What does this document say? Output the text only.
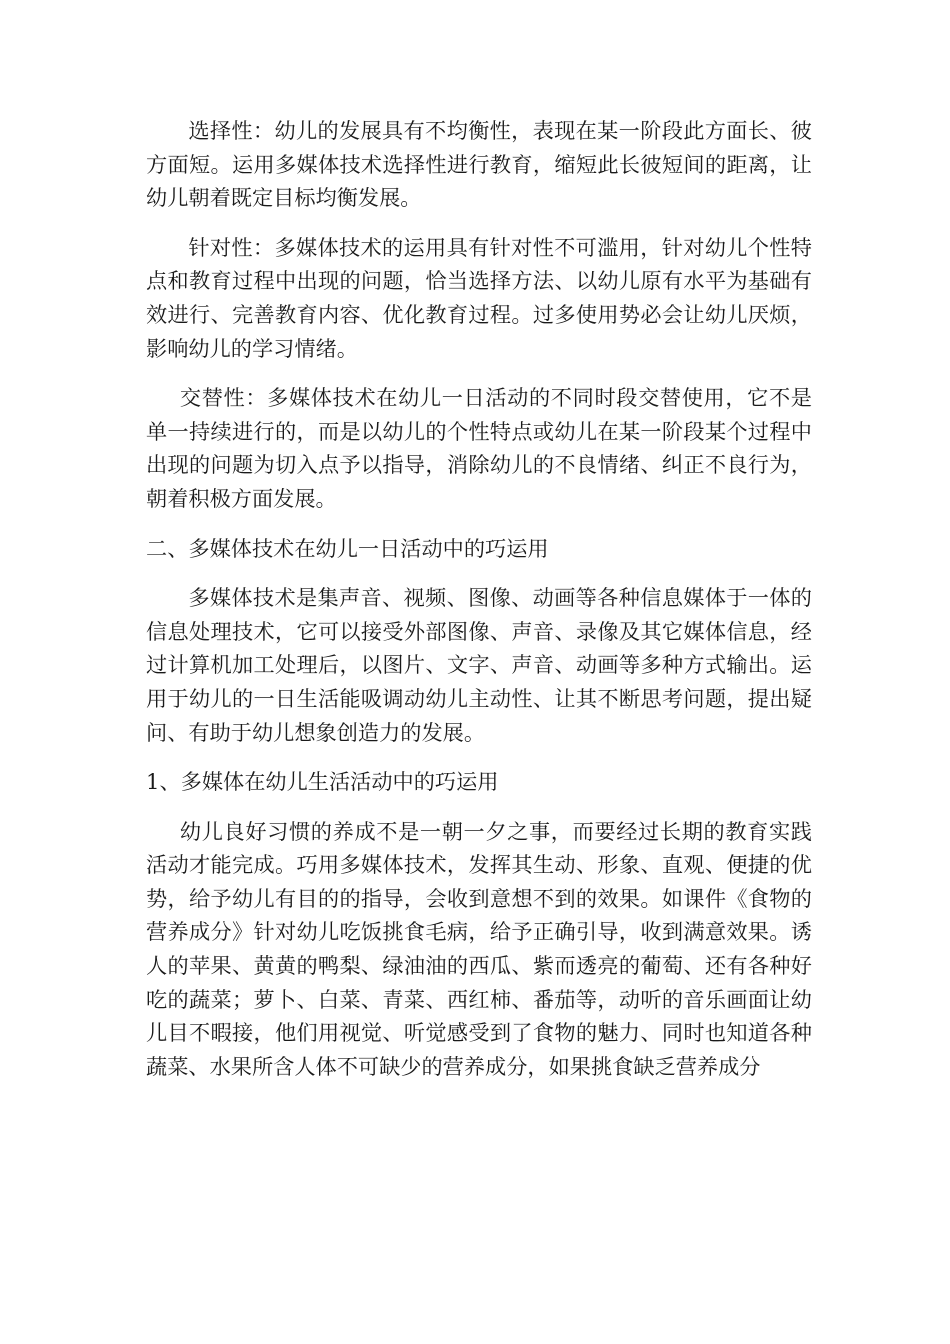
选择性：幼儿的发展具有不均衡性，表现在某一阶段此方面长、彼方面短。运用多媒体技术选择性进行教育，缩短此长彼短间的距离，让幼儿朝着既定目标均衡发展。

针对性：多媒体技术的运用具有针对性不可滥用，针对幼儿个性特点和教育过程中出现的问题，恰当选择方法、以幼儿原有水平为基础有效进行、完善教育内容、优化教育过程。过多使用势必会让幼儿厌烦，影响幼儿的学习情绪。

交替性：多媒体技术在幼儿一日活动的不同时段交替使用，它不是单一持续进行的，而是以幼儿的个性特点或幼儿在某一阶段某个过程中出现的问题为切入点予以指导，消除幼儿的不良情绪、纠正不良行为，朝着积极方面发展。

二、多媒体技术在幼儿一日活动中的巧运用

多媒体技术是集声音、视频、图像、动画等各种信息媒体于一体的信息处理技术，它可以接受外部图像、声音、录像及其它媒体信息，经过计算机加工处理后，以图片、文字、声音、动画等多种方式输出。运用于幼儿的一日生活能吸调动幼儿主动性、让其不断思考问题，提出疑问、有助于幼儿想象创造力的发展。

1、多媒体在幼儿生活活动中的巧运用

幼儿良好习惯的养成不是一朝一夕之事，而要经过长期的教育实践活动才能完成。巧用多媒体技术，发挥其生动、形象、直观、便捷的优势，给予幼儿有目的的指导，会收到意想不到的效果。如课件《食物的营养成分》针对幼儿吃饭挑食毛病，给予正确引导，收到满意效果。诱人的苹果、黄黄的鸭梨、绿油油的西瓜、紫而透亮的葡萄、还有各种好吃的蔬菜；萝卜、白菜、青菜、西红柿、番茄等，动听的音乐画面让幼儿目不暇接，他们用视觉、听觉感受到了食物的魅力、同时也知道各种蔬菜、水果所含人体不可缺少的营养成分，如果挑食缺乏营养成分
